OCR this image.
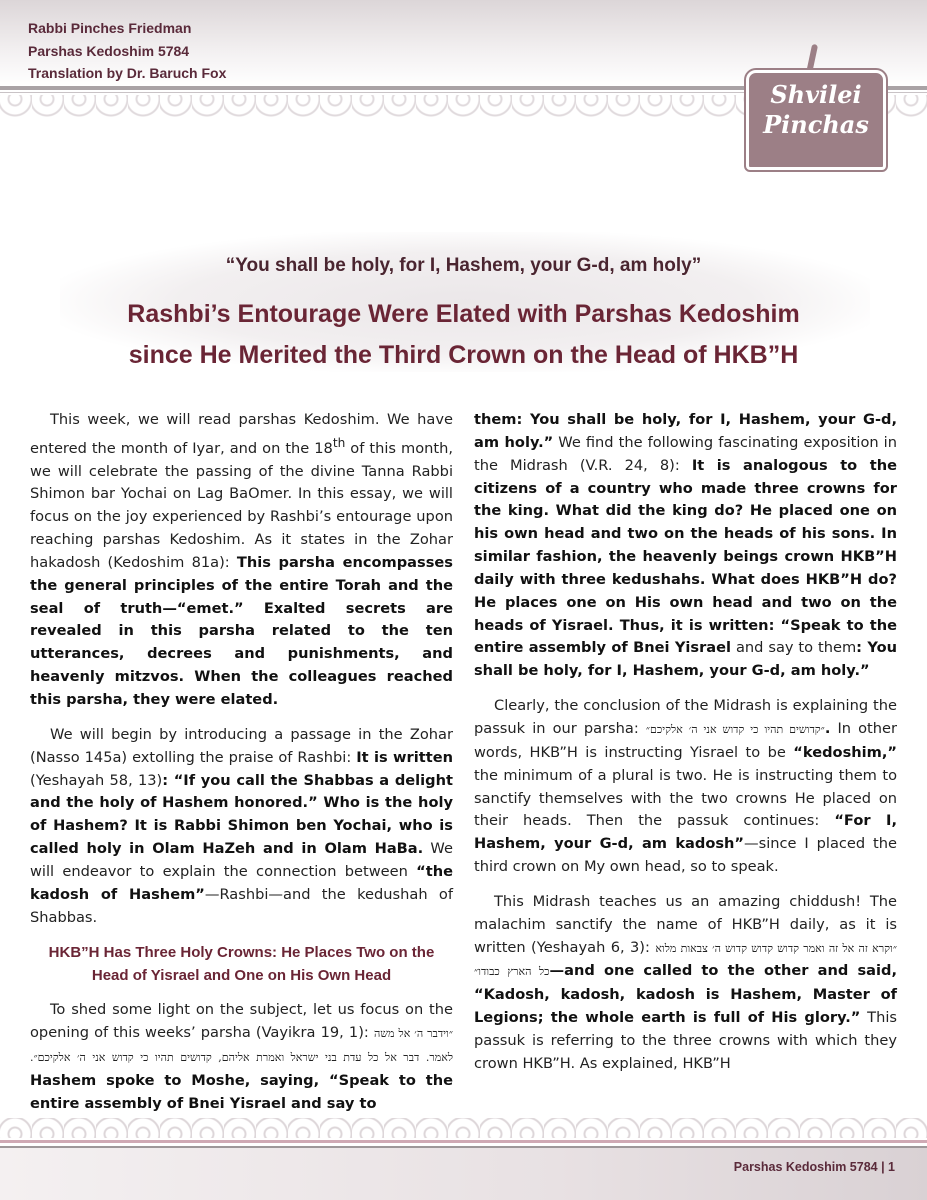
Rabbi Pinches Friedman
Parshas Kedoshim 5784
Translation by Dr. Baruch Fox
Shvilei
Pinchas
“You shall be holy, for I, Hashem, your G-d, am holy”
Rashbi’s Entourage Were Elated with Parshas Kedoshim
since He Merited the Third Crown on the Head of HKB”H

This week, we will read parshas Kedoshim. We have entered the month of Iyar, and on the 18th of this month, we will celebrate the passing of the divine Tanna Rabbi Shimon bar Yochai on Lag BaOmer. In this essay, we will focus on the joy experienced by Rashbi’s entourage upon reaching parshas Kedoshim. As it states in the Zohar hakadosh (Kedoshim 81a): This parsha encompasses the general principles of the entire Torah and the seal of truth—“emet.” Exalted secrets are revealed in this parsha related to the ten utterances, decrees and punishments, and heavenly mitzvos. When the colleagues reached this parsha, they were elated.

We will begin by introducing a passage in the Zohar (Nasso 145a) extolling the praise of Rashbi: It is written (Yeshayah 58, 13): “If you call the Shabbas a delight and the holy of Hashem honored.” Who is the holy of Hashem? It is Rabbi Shimon ben Yochai, who is called holy in Olam HaZeh and in Olam HaBa. We will endeavor to explain the connection between “the kadosh of Hashem”—Rashbi—and the kedushah of Shabbas.

HKB”H Has Three Holy Crowns: He Places Two on the Head of Yisrael and One on His Own Head

To shed some light on the subject, let us focus on the opening of this weeks’ parsha (Vayikra 19, 1): ״וידבר ה׳ אל משה לאמר. דבר אל כל עדת בני ישראל ואמרת אליהם, קדושים תהיו כי קדוש אני ה׳ אלקיכם״. Hashem spoke to Moshe, saying, “Speak to the entire assembly of Bnei Yisrael and say to

them: You shall be holy, for I, Hashem, your G-d, am holy.” We find the following fascinating exposition in the Midrash (V.R. 24, 8): It is analogous to the citizens of a country who made three crowns for the king. What did the king do? He placed one on his own head and two on the heads of his sons. In similar fashion, the heavenly beings crown HKB”H daily with three kedushahs. What does HKB”H do? He places one on His own head and two on the heads of Yisrael. Thus, it is written: “Speak to the entire assembly of Bnei Yisrael and say to them: You shall be holy, for I, Hashem, your G-d, am holy.”

Clearly, the conclusion of the Midrash is explaining the passuk in our parsha: ״קדושים תהיו כי קדוש אני ה׳ אלקיכם״. In other words, HKB”H is instructing Yisrael to be “kedoshim,” the minimum of a plural is two. He is instructing them to sanctify themselves with the two crowns He placed on their heads. Then the passuk continues: “For I, Hashem, your G-d, am kadosh”—since I placed the third crown on My own head, so to speak.

This Midrash teaches us an amazing chiddush! The malachim sanctify the name of HKB”H daily, as it is written (Yeshayah 6, 3): ״וקרא זה אל זה ואמר קדוש קדוש קדוש ה׳ צבאות מלוא כל הארץ כבודו״—and one called to the other and said, “Kadosh, kadosh, kadosh is Hashem, Master of Legions; the whole earth is full of His glory.” This passuk is referring to the three crowns with which they crown HKB”H. As explained, HKB”H

Parshas Kedoshim 5784 | 1
